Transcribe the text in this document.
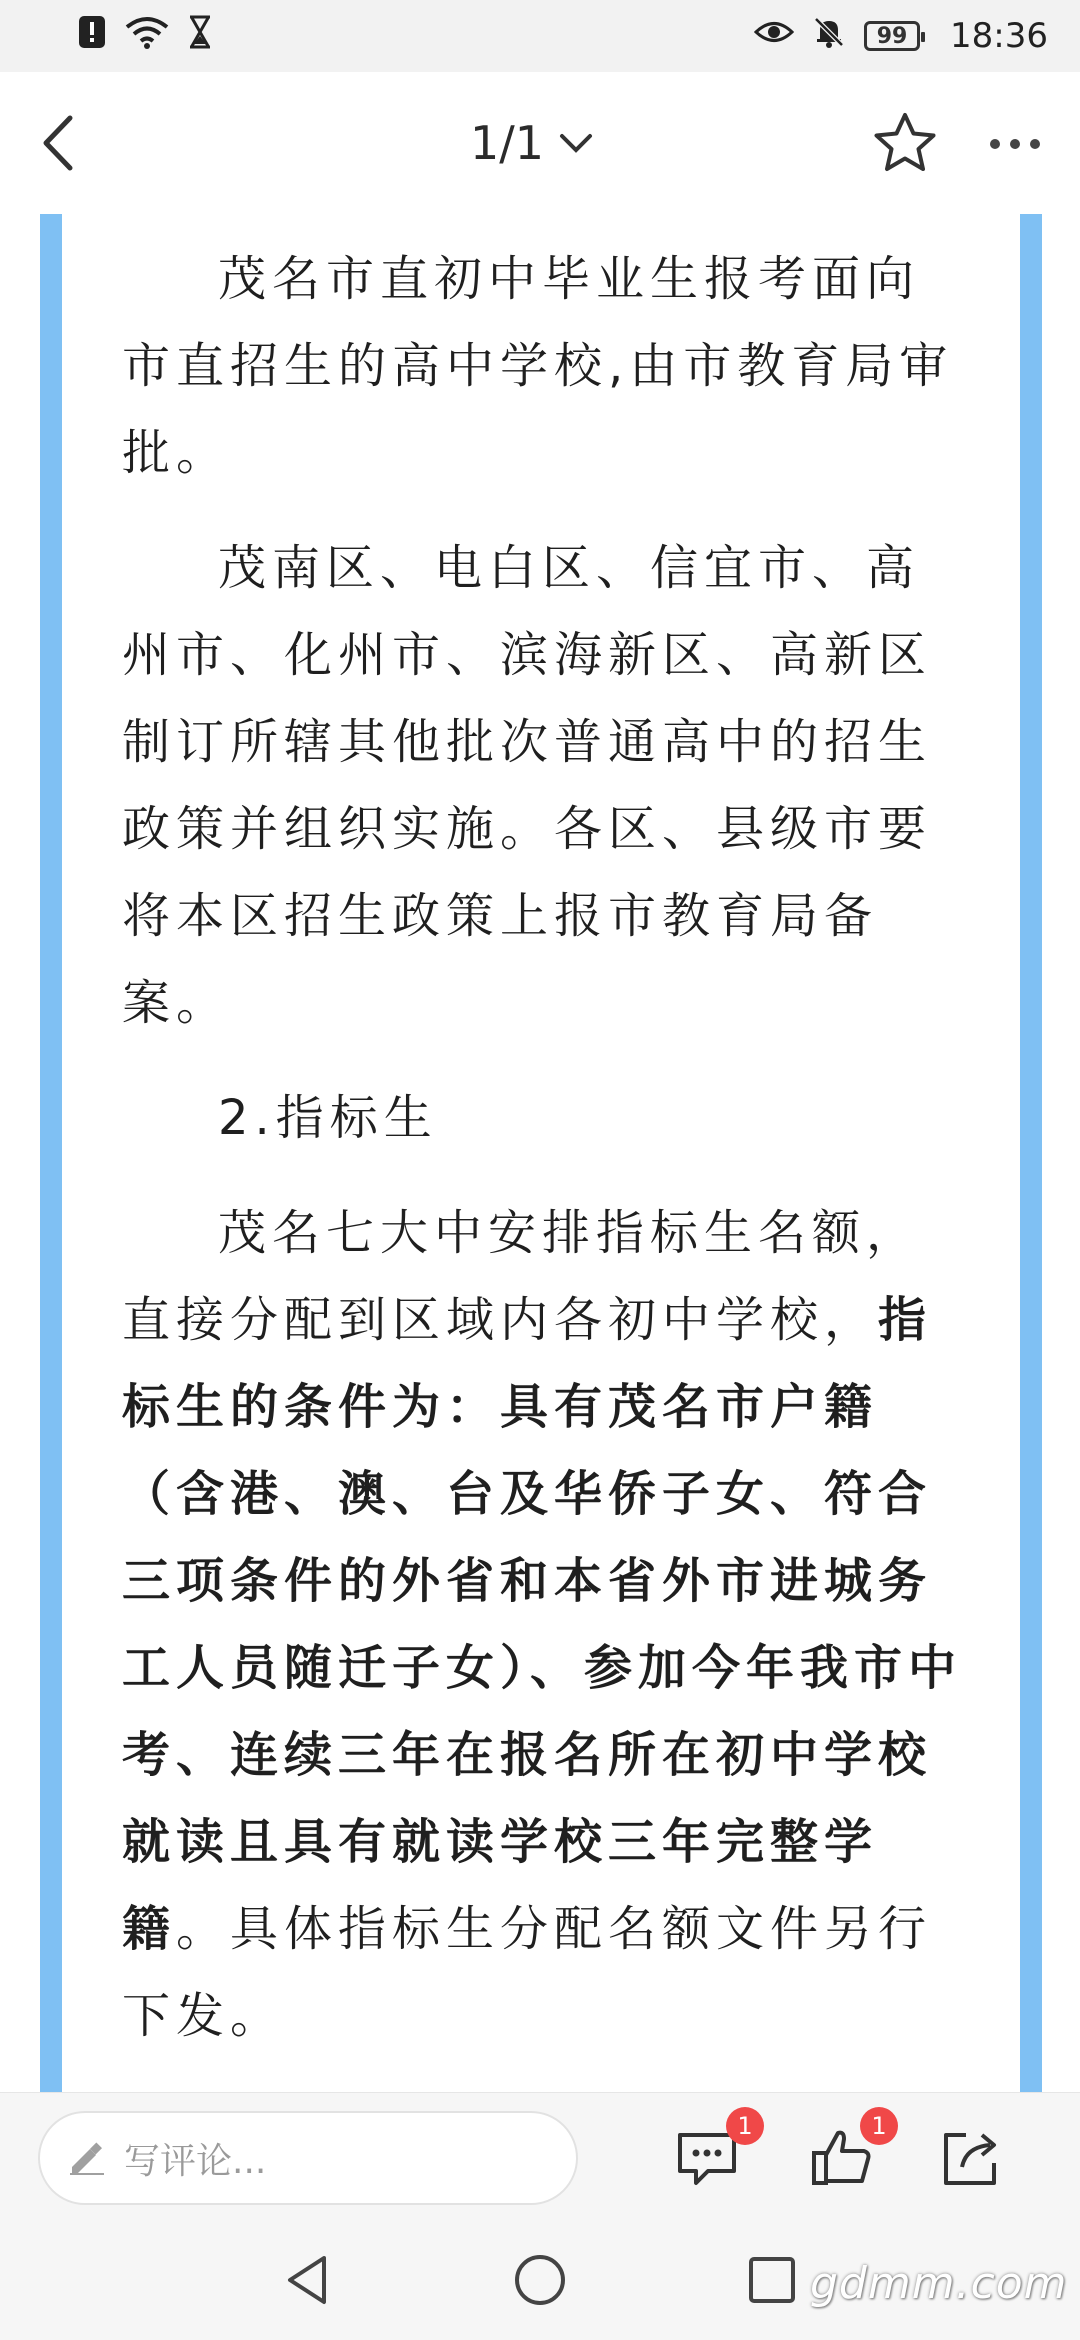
99 18:36
1/1

茂名市直初中毕业生报考面向市直招生的高中学校,由市教育局审批。

茂南区、电白区、信宜市、高州市、化州市、滨海新区、高新区制订所辖其他批次普通高中的招生政策并组织实施。各区、县级市要将本区招生政策上报市教育局备案。

2.指标生

茂名七大中安排指标生名额，直接分配到区域内各初中学校，指标生的条件为：具有茂名市户籍（含港、澳、台及华侨子女、符合三项条件的外省和本省外市进城务工人员随迁子女）、参加今年我市中考、连续三年在报名所在初中学校就读且具有就读学校三年完整学籍。具体指标生分配名额文件另行下发。

写评论...
1	1
gdmm.com
